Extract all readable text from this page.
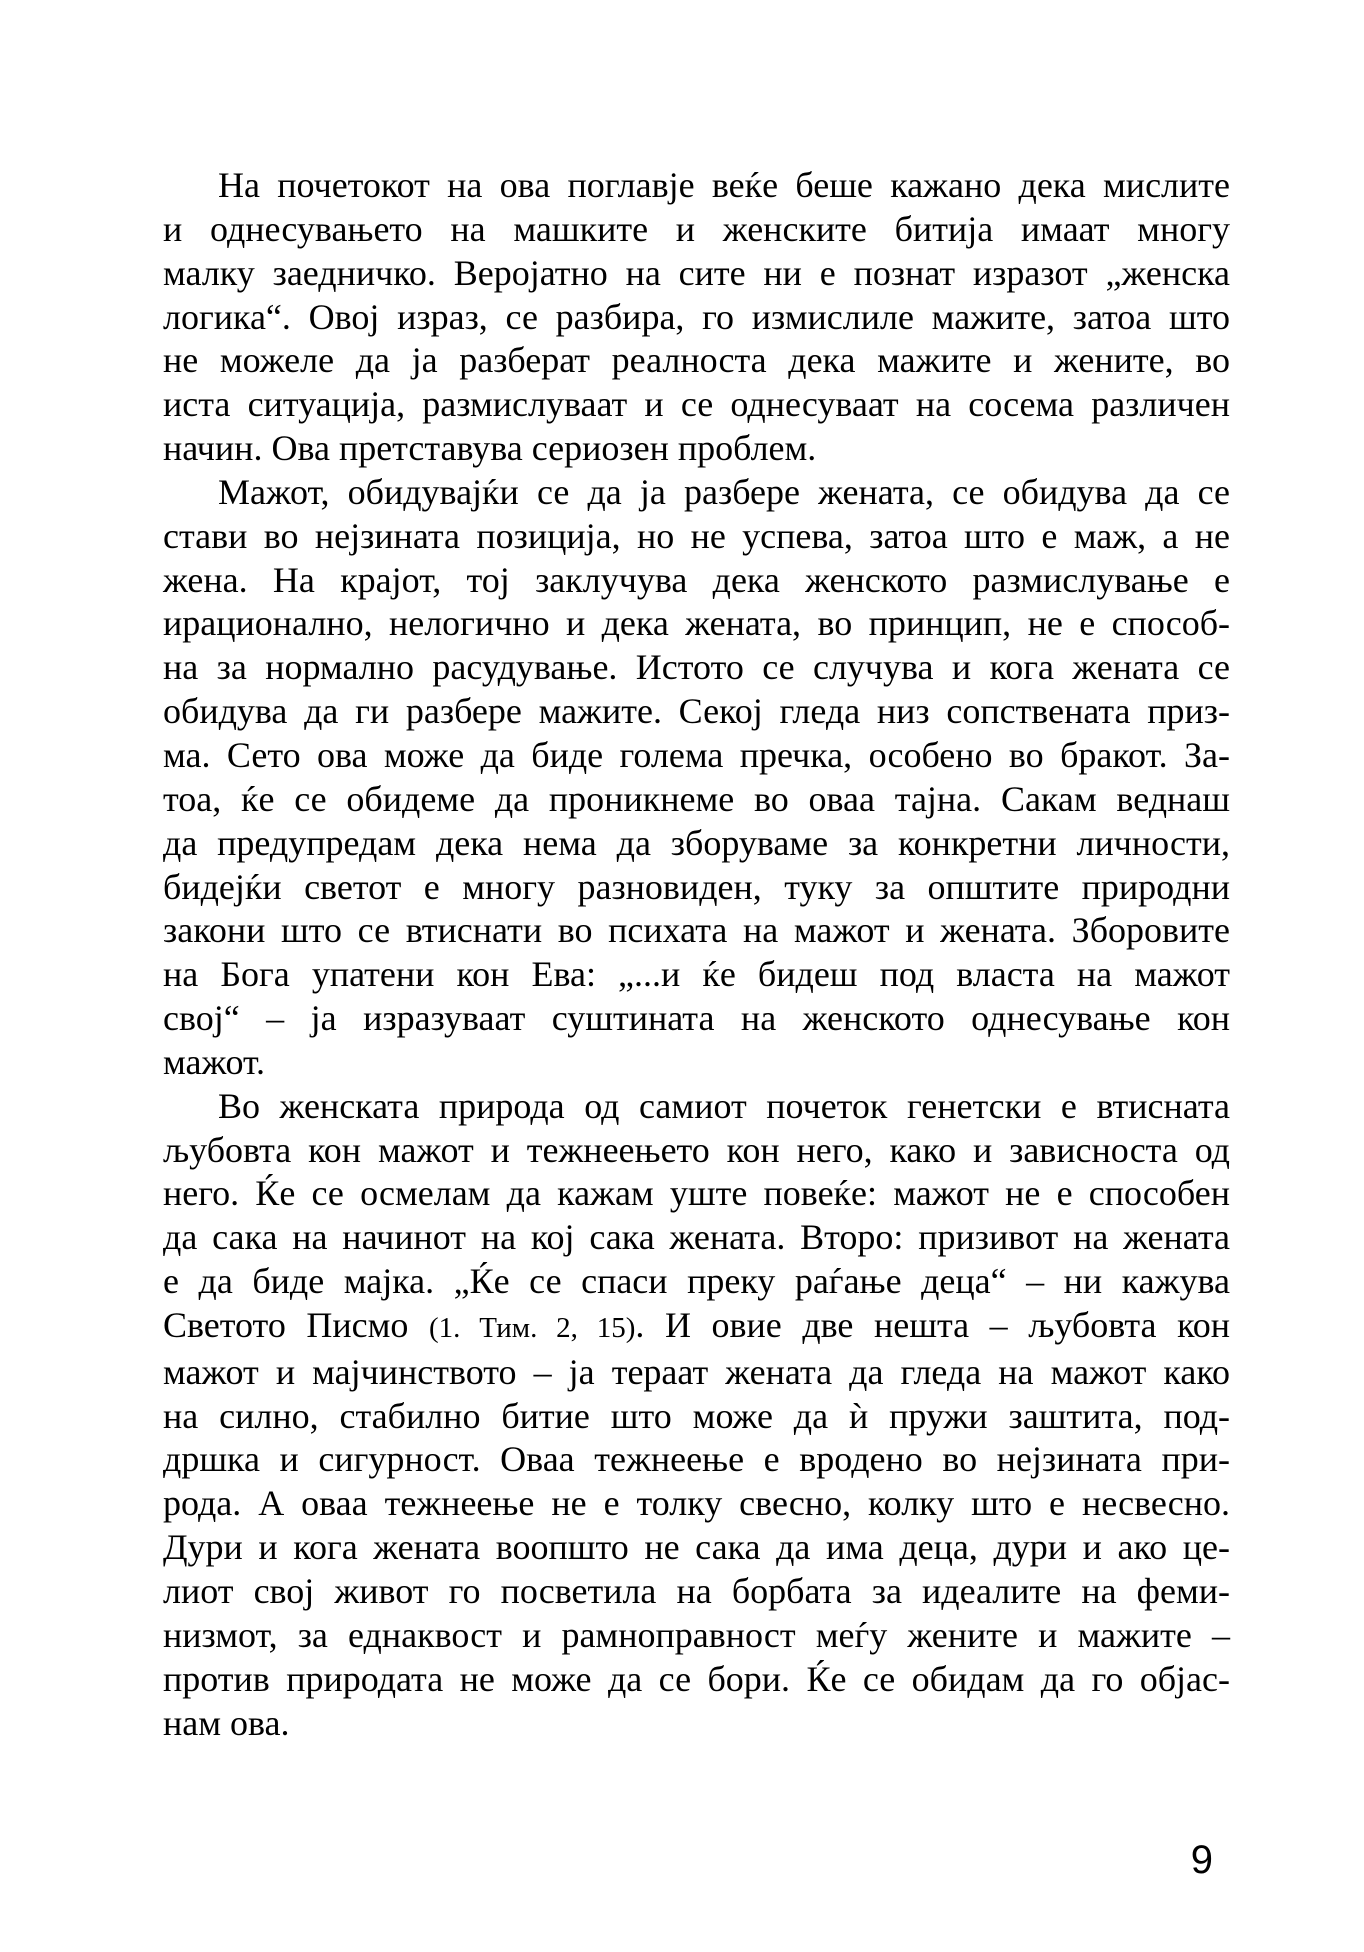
На почетокот на ова поглавје веќе беше кажано дека мислите
и однесувањето на машките и женските битија имаат многу
малку заедничко. Веројатно на сите ни е познат изразот „женска
логика“. Овој израз, се разбира, го измислиле мажите, затоа што
не можеле да ја разберат реалноста дека мажите и жените, во
иста ситуација, размислуваат и се однесуваат на сосема различен
начин. Ова претставува сериозен проблем.
Мажот, обидувајќи се да ја разбере жената, се обидува да се
стави во нејзината позиција, но не успева, затоа што е маж, а не
жена. На крајот, тој заклучува дека женското размислување е
ирационално, нелогично и дека жената, во принцип, не е способ-
на за нормално расудување. Истото се случува и кога жената се
обидува да ги разбере мажите. Секој гледа низ сопствената приз-
ма. Сето ова може да биде голема пречка, особено во бракот. За-
тоа, ќе се обидеме да проникнеме во оваа тајна. Сакам веднаш
да предупредам дека нема да зборуваме за конкретни личности,
бидејќи светот е многу разновиден, туку за општите природни
закони што се втиснати во психата на мажот и жената. Зборовите
на Бога упатени кон Ева: „...и ќе бидеш под власта на мажот
свој“ – ја изразуваат суштината на женското однесување кон
мажот.
Во женската природа од самиот почеток генетски е втисната
љубовта кон мажот и тежнеењето кон него, како и зависноста од
него. Ќе се осмелам да кажам уште повеќе: мажот не е способен
да сака на начинот на кој сака жената. Второ: призивот на жената
е да биде мајка. „Ќе се спаси преку раѓање деца“ – ни кажува
Светото Писмо (1. Тим. 2, 15). И овие две нешта – љубовта кон
мажот и мајчинството – ја тераат жената да гледа на мажот како
на силно, стабилно битие што може да ѝ пружи заштита, под-
дршка и сигурност. Оваа тежнеење е вродено во нејзината при-
рода. А оваа тежнеење не е толку свесно, колку што е несвесно.
Дури и кога жената воопшто не сака да има деца, дури и ако це-
лиот свој живот го посветила на борбата за идеалите на феми-
низмот, за еднаквост и рамноправност меѓу жените и мажите –
против природата не може да се бори. Ќе се обидам да го објас-
нам ова.
9
